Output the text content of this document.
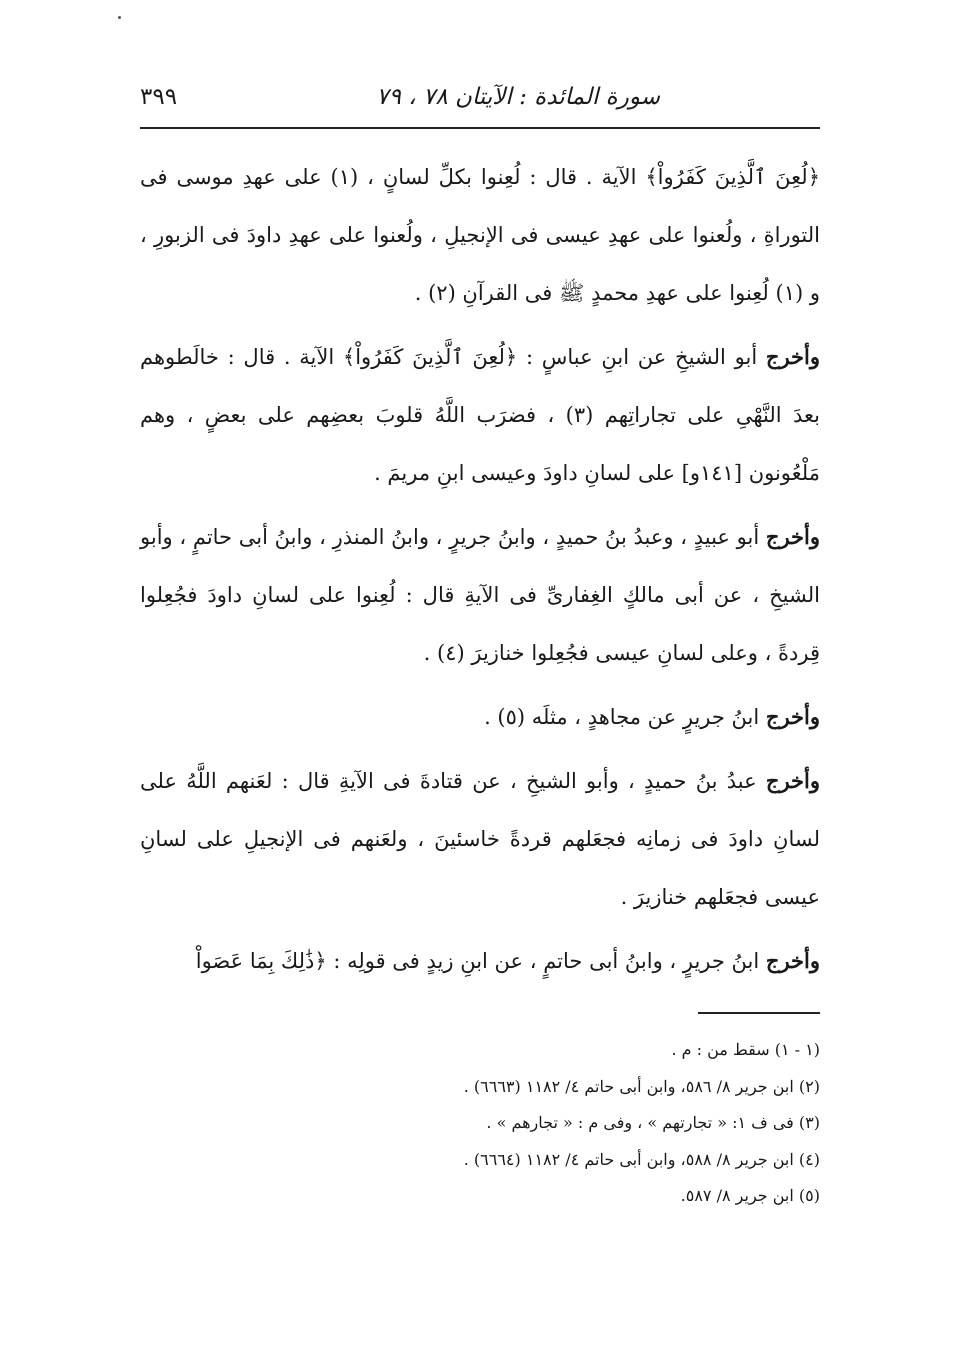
سورة المائدة : الآيتان ٧٨ ، ٧٩
٣٩٩

﴿لُعِنَ ٱلَّذِينَ كَفَرُواْ﴾ الآية . قال : لُعِنوا بكلِّ لسانٍ ، (١) على عهدِ موسى فى التوراةِ ، ولُعنوا على عهدِ عيسى فى الإنجيلِ ، ولُعنوا على عهدِ داودَ فى الزبورِ ، و (١) لُعِنوا على عهدِ محمدٍ ﷺ فى القرآنِ (٢) .

وأخرج أبو الشيخِ عن ابنِ عباسٍ : ﴿لُعِنَ ٱلَّذِينَ كَفَرُواْ﴾ الآية . قال : خالَطوهم بعدَ النَّهْىِ على تجاراتِهم (٣) ، فضرَب اللَّهُ قلوبَ بعضِهم على بعضٍ ، وهم مَلْعُونون [١٤١و] على لسانِ داودَ وعيسى ابنِ مريمَ .

وأخرج أبو عبيدٍ ، وعبدُ بنُ حميدٍ ، وابنُ جريرٍ ، وابنُ المنذرِ ، وابنُ أبى حاتمٍ ، وأبو الشيخِ ، عن أبى مالكٍ الغِفارىِّ فى الآيةِ قال : لُعِنوا على لسانِ داودَ فجُعِلوا قِردةً ، وعلى لسانِ عيسى فجُعِلوا خنازيرَ (٤) .

وأخرج ابنُ جريرٍ عن مجاهدٍ ، مثلَه (٥) .

وأخرج عبدُ بنُ حميدٍ ، وأبو الشيخِ ، عن قتادةَ فى الآيةِ قال : لعَنهم اللَّهُ على لسانِ داودَ فى زمانِه فجعَلهم قردةً خاسئينَ ، ولعَنهم فى الإنجيلِ على لسانِ عيسى فجعَلهم خنازيرَ .

وأخرج ابنُ جريرٍ ، وابنُ أبى حاتمٍ ، عن ابنِ زيدٍ فى قولِه : ﴿ذَٰلِكَ بِمَا عَصَواْ

(١ - ١) سقط من : م .
(٢) ابن جرير ٨/ ٥٨٦، وابن أبى حاتم ٤/ ١١٨٢ (٦٦٦٣) .
(٣) فى ف ١: « تجارتهم » ، وفى م : « تجارهم » .
(٤) ابن جرير ٨/ ٥٨٨، وابن أبى حاتم ٤/ ١١٨٢ (٦٦٦٤) .
(٥) ابن جرير ٨/ ٥٨٧.
